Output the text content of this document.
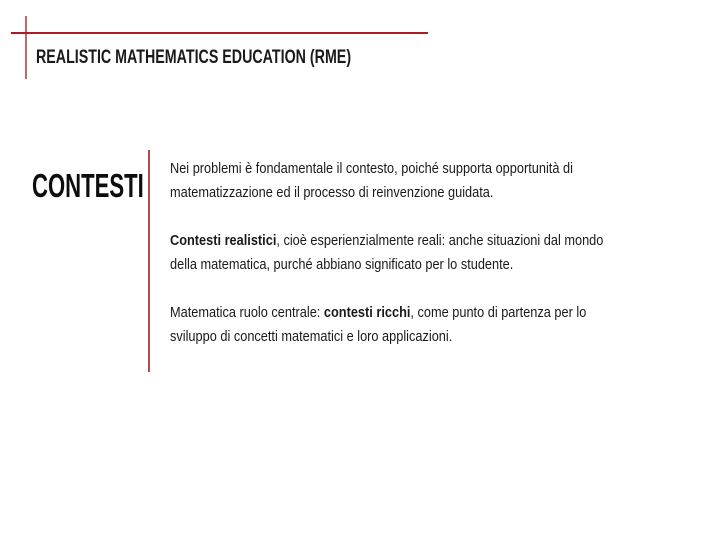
REALISTIC MATHEMATICS EDUCATION (RME)
CONTESTI Nei problemi è fondamentale il contesto, poiché supporta opportunità di
matematizzazione ed il processo di reinvenzione guidata.

Contesti realistici, cioè esperienzialmente reali: anche situazioni dal mondo
della matematica, purché abbiano significato per lo studente.

Matematica ruolo centrale: contesti ricchi, come punto di partenza per lo
sviluppo di concetti matematici e loro applicazioni.
